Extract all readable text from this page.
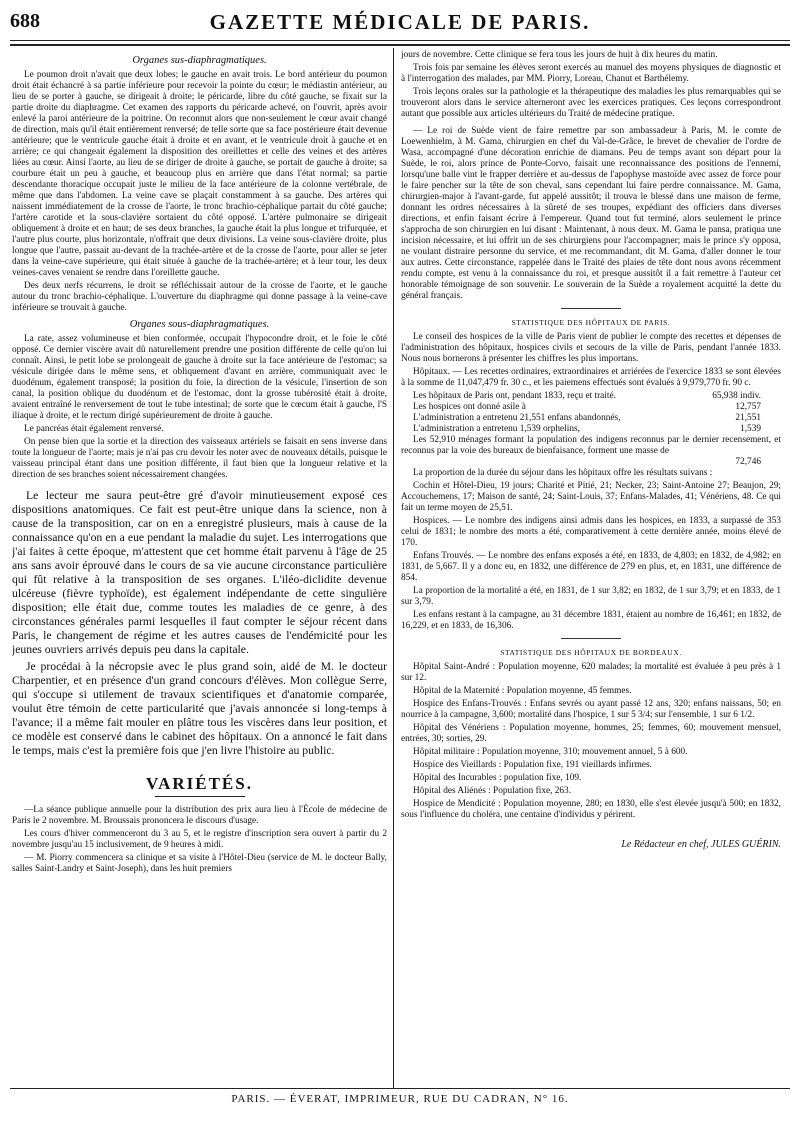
688	GAZETTE MÉDICALE DE PARIS.
Organes sus-diaphragmatiques.

Le poumon droit n'avait que deux lobes; le gauche en avait trois. Le bord antérieur du poumon droit était échancré à sa partie inférieure pour recevoir la pointe du cœur; le médiastin antérieur, au lieu de se porter à gauche, se dirigeait à droite; le péricarde, libre du côté gauche, se fixait sur la partie droite du diaphragme. Cet examen des rapports du péricarde achevé, on l'ouvrit, après avoir enlevé la paroi antérieure de la poitrine. On reconnut alors que non-seulement le cœur avait changé de direction, mais qu'il était entièrement renversé; de telle sorte que sa face postérieure était devenue antérieure; que le ventricule gauche était à droite et en avant, et le ventricule droit à gauche et en arrière; ce qui changeait également la disposition des oreillettes et celle des veines et des artères liées au cœur. Ainsi l'aorte, au lieu de se diriger de droite à gauche, se portait de gauche à droite; sa courbure était un peu à gauche, et beaucoup plus en arrière que dans l'état normal; sa partie descendante thoracique occupait juste le milieu de la face antérieure de la colonne vertébrale, de même que dans l'abdomen. La veine cave se plaçait constamment à sa gauche. Des artères qui naissent immédiatement de la crosse de l'aorte, le tronc brachio-céphalique partait du côté gauche; l'artère carotide et la sous-clavière sortaient du côté opposé. L'artère pulmonaire se dirigeait obliquement à droite et en haut; de ses deux branches, la gauche était la plus longue et trifurquée, et l'autre plus courte, plus horizontale, n'offrait que deux divisions. La veine sous-clavière droite, plus longue que l'autre, passait au-devant de la trachée-artère et de la crosse de l'aorte, pour aller se jeter dans la veine-cave supérieure, qui était située à gauche de la trachée-artère; et à leur tour, les deux veines-caves venaient se rendre dans l'oreillette gauche.

Des deux nerfs récurrens, le droit se réfléchissait autour de la crosse de l'aorte, et le gauche autour du tronc brachio-céphalique. L'ouverture du diaphragme qui donne passage à la veine-cave inférieure se trouvait à gauche.

Organes sous-diaphragmatiques.

La rate, assez volumineuse et bien conformée, occupait l'hypocondre droit, et le foie le côté opposé. Ce dernier viscère avait dû naturellement prendre une position différente de celle qu'on lui connaît. Ainsi, le petit lobe se prolongeait de gauche à droite sur la face antérieure de l'estomac; sa vésicule dirigée dans le même sens, et obliquement d'avant en arrière, communiquait avec le duodénum, également transposé; la position du foie, la direction de la vésicule, l'insertion de son canal, la position oblique du duodénum et de l'estomac, dont la grosse tubérosité était à droite, avaient entraîné le renversement de tout le tube intestinal; de sorte que le cœcum était à gauche, l'S iliaque à droite, et le rectum dirigé supérieurement de droite à gauche.

Le pancréas était également renversé.

On pense bien que la sortie et la direction des vaisseaux artériels se faisait en sens inverse dans toute la longueur de l'aorte; mais je n'ai pas cru devoir les noter avec de nouveaux détails, puisque le vaisseau principal étant dans une position différente, il faut bien que la longueur relative et la direction de ses branches soient nécessairement changées.

Le lecteur me saura peut-être gré d'avoir minutieusement exposé ces dispositions anatomiques. Ce fait est peut-être unique dans la science, non à cause de la transposition, car on en a enregistré plusieurs, mais à cause de la connaissance qu'on en a eue pendant la maladie du sujet. Les interrogations que j'ai faites à cette époque, m'attestent que cet homme était parvenu à l'âge de 25 ans sans avoir éprouvé dans le cours de sa vie aucune circonstance particulière qui fût relative à la transposition de ses organes. L'iléo-diclidite devenue ulcéreuse (fièvre typhoïde), est également indépendante de cette singulière disposition; elle était due, comme toutes les maladies de ce genre, à des circonstances générales parmi lesquelles il faut compter le séjour récent dans Paris, le changement de régime et les autres causes de l'endémicité pour les jeunes ouvriers arrivés depuis peu dans la capitale.

Je procédai à la nécropsie avec le plus grand soin, aidé de M. le docteur Charpentier, et en présence d'un grand concours d'élèves. Mon collègue Serre, qui s'occupe si utilement de travaux scientifiques et d'anatomie comparée, voulut être témoin de cette particularité que j'avais annoncée si long-temps à l'avance; il a même fait mouler en plâtre tous les viscères dans leur position, et ce modèle est conservé dans le cabinet des hôpitaux. On a annoncé le fait dans le temps, mais c'est la première fois que j'en livre l'histoire au public.

VARIÉTÉS.

—La séance publique annuelle pour la distribution des prix aura lieu à l'École de médecine de Paris le 2 novembre. M. Broussais prononcera le discours d'usage.

Les cours d'hiver commenceront du 3 au 5, et le registre d'inscription sera ouvert à partir du 2 novembre jusqu'au 15 inclusivement, de 9 heures à midi.

— M. Piorry commencera sa clinique et sa visite à l'Hôtel-Dieu (service de M. le docteur Bally, salles Saint-Landry et Saint-Joseph), dans les huit premiers

jours de novembre. Cette clinique se fera tous les jours de huit à dix heures du matin.

Trois fois par semaine les élèves seront exercés au manuel des moyens physiques de diagnostic et à l'interrogation des malades, par MM. Piorry, Loreau, Chanut et Barthélemy.

Trois leçons orales sur la pathologie et la thérapeutique des maladies les plus remarquables qui se trouveront alors dans le service alterneront avec les exercices pratiques. Ces leçons correspondront autant que possible aux articles ultérieurs du Traité de médecine pratique.

— Le roi de Suède vient de faire remettre par son ambassadeur à Paris, M. le comte de Loewenhielm, à M. Gama, chirurgien en chef du Val-de-Grâce, le brevet de chevalier de l'ordre de Wasa, accompagné d'une décoration enrichie de diamans. Peu de temps avant son départ pour la Suède, le roi, alors prince de Ponte-Corvo, faisait une reconnaissance des positions de l'ennemi, lorsqu'une balle vint le frapper derrière et au-dessus de l'apophyse mastoïde avec assez de force pour le faire pencher sur la tête de son cheval, sans cependant lui faire perdre connaissance. M. Gama, chirurgien-major à l'avant-garde, fut appelé aussitôt; il trouva le blessé dans une maison de ferme, donnant les ordres nécessaires à la sûreté de ses troupes, expédiant des officiers dans diverses directions, et enfin faisant écrire à l'empereur. Quand tout fut terminé, alors seulement le prince s'approcha de son chirurgien en lui disant : Maintenant, à nous deux. M. Gama le pansa, pratiqua une incision nécessaire, et lui offrit un de ses chirurgiens pour l'accompagner; mais le prince s'y opposa, ne voulant distraire personne du service, et me recommandant, dit M. Gama, d'aller donner le tour aux autres. Cette circonstance, rappelée dans le Traité des plaies de tête dont nous avons récemment rendu compte, est venu à la connaissance du roi, et presque aussitôt il a fait remettre à l'auteur cet honorable témoignage de son souvenir. Le souverain de la Suède a royalement acquitté la dette du général français.

STATISTIQUE DES HÔPITAUX DE PARIS.

Le conseil des hospices de la ville de Paris vient de publier le compte des recettes et dépenses de l'administration des hôpitaux, hospices civils et secours de la ville de Paris, pendant l'année 1833. Nous nous bornerons à présenter les chiffres les plus importans.

Hôpitaux. — Les recettes ordinaires, extraordinaires et arriérées de l'exercice 1833 se sont élevées à la somme de 11,047,479 fr. 30 c., et les paiemens effectués sont évalués à 9,979,770 fr. 90 c.

Les hôpitaux de Paris ont, pendant 1833, reçu et traité.	65,938 indiv.
Les hospices ont donné asile à	12,757
L'administration a entretenu 21,551 enfans abandonnés,	21,551
L'administration a entretenu 1,539 orphelins,	1,539

Les 52,910 ménages formant la population des indigens reconnus par le dernier recensement, et reconnus par la voie des bureaux de bienfaisance, forment une masse de

72,746

La proportion de la durée du séjour dans les hôpitaux offre les résultats suivans :

Cochin et Hôtel-Dieu, 19 jours; Charité et Pitié, 21; Necker, 23; Saint-Antoine 27; Beaujon, 29; Accouchemens, 17; Maison de santé, 24; Saint-Louis, 37; Enfans-Malades, 41; Vénériens, 48. Ce qui fait un terme moyen de 25,51.

Hospices. — Le nombre des indigens ainsi admis dans les hospices, en 1833, a surpassé de 353 celui de 1831; le nombre des morts a été, comparativement à cette dernière année, moins élevé de 170.

Enfans Trouvés. — Le nombre des enfans exposés a été, en 1833, de 4,803; en 1832, de 4,982; en 1831, de 5,667. Il y a donc eu, en 1832, une différence de 279 en plus, et, en 1831, une différence de 854.

La proportion de la mortalité a été, en 1831, de 1 sur 3,82; en 1832, de 1 sur 3,79; et en 1833, de 1 sur 3,79.

Les enfans restant à la campagne, au 31 décembre 1831, étaient au nombre de 16,461; en 1832, de 16,229, et en 1833, de 16,306.

STATISTIQUE DES HÔPITAUX DE BORDEAUX.

Hôpital Saint-André : Population moyenne, 620 malades; la mortalité est évaluée à peu près à 1 sur 12.

Hôpital de la Maternité : Population moyenne, 45 femmes.

Hospice des Enfans-Trouvés : Enfans sevrés ou ayant passé 12 ans, 320; enfans naissans, 50; en nourrice à la campagne, 3,600; mortalité dans l'hospice, 1 sur 5 3/4; sur l'ensemble, 1 sur 6 1/2.

Hôpital des Vénériens : Population moyenne, hommes, 25; femmes, 60; mouvement mensuel, entrées, 30; sorties, 29.

Hôpital militaire : Population moyenne, 310; mouvement annuel, 5 à 600.

Hospice des Vieillards : Population fixe, 191 vieillards infirmes.

Hôpital des Incurables : population fixe, 109.

Hôpital des Aliénés : Population fixe, 263.

Hospice de Mendicité : Population moyenne, 280; en 1830, elle s'est élevée jusqu'à 500; en 1832, sous l'influence du choléra, une centaine d'individus y périrent.

Le Rédacteur en chef, JULES GUÉRIN.
PARIS. — ÉVERAT, IMPRIMEUR, RUE DU CADRAN, N° 16.
